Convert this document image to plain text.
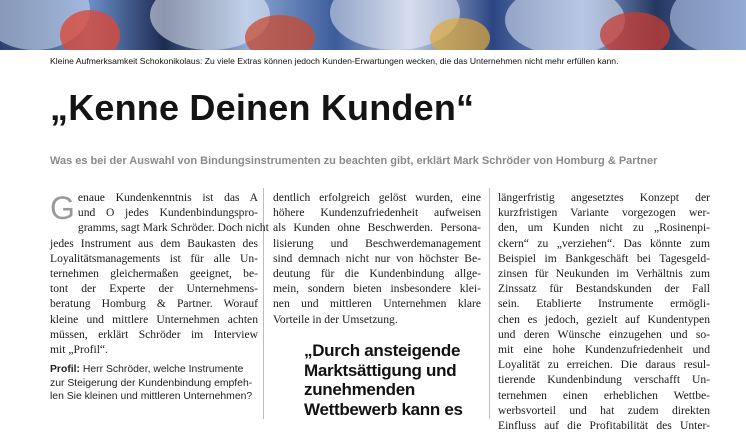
Kleine Aufmerksamkeit Schokonikolaus: Zu viele Extras können jedoch Kunden-Erwartungen wecken, die das Unternehmen nicht mehr erfüllen kann.
„Kenne Deinen Kunden“
Was es bei der Auswahl von Bindungsinstrumenten zu beachten gibt, erklärt Mark Schröder von Homburg & Partner
G enaue Kundenkenntnis ist das A
und O jedes Kundenbindungspro-
gramms, sagt Mark Schröder. Doch nicht
jedes Instrument aus dem Baukasten des
Loyalitätsmanagements ist für alle Un-
ternehmen gleichermaßen geeignet, be-
tont der Experte der Unternehmens-
beratung Homburg & Partner. Worauf
kleine und mittlere Unternehmen achten
müssen, erklärt Schröder im Interview
mit „Profil“.
Profil: Herr Schröder, welche Instrumente
zur Steigerung der Kundenbindung empfeh-
len Sie kleinen und mittleren Unternehmen?
dentlich erfolgreich gelöst wurden, eine
höhere Kundenzufriedenheit aufweisen
als Kunden ohne Beschwerden. Persona-
lisierung und Beschwerdemanagement
sind demnach nicht nur von höchster Be-
deutung für die Kundenbindung allge-
mein, sondern bieten insbesondere klei-
nen und mittleren Unternehmen klare
Vorteile in der Umsetzung.
„Durch ansteigende
Marktsättigung und
zunehmenden
Wettbewerb kann es
längerfristig angesetztes Konzept der
kurzfristigen Variante vorgezogen wer-
den, um Kunden nicht zu „Rosinenpi-
ckern“ zu „verziehen“. Das könnte zum
Beispiel im Bankgeschäft bei Tagesgeld-
zinsen für Neukunden im Verhältnis zum
Zinssatz für Bestandskunden der Fall
sein. Etablierte Instrumente ermögli-
chen es jedoch, gezielt auf Kundentypen
und deren Wünsche einzugehen und so-
mit eine hohe Kundenzufriedenheit und
Loyalität zu erreichen. Die daraus resul-
tierende Kundenbindung verschafft Un-
ternehmen einen erheblichen Wettbe-
werbsvorteil und hat zudem direkten
Einfluss auf die Profitabilität des Unter-
